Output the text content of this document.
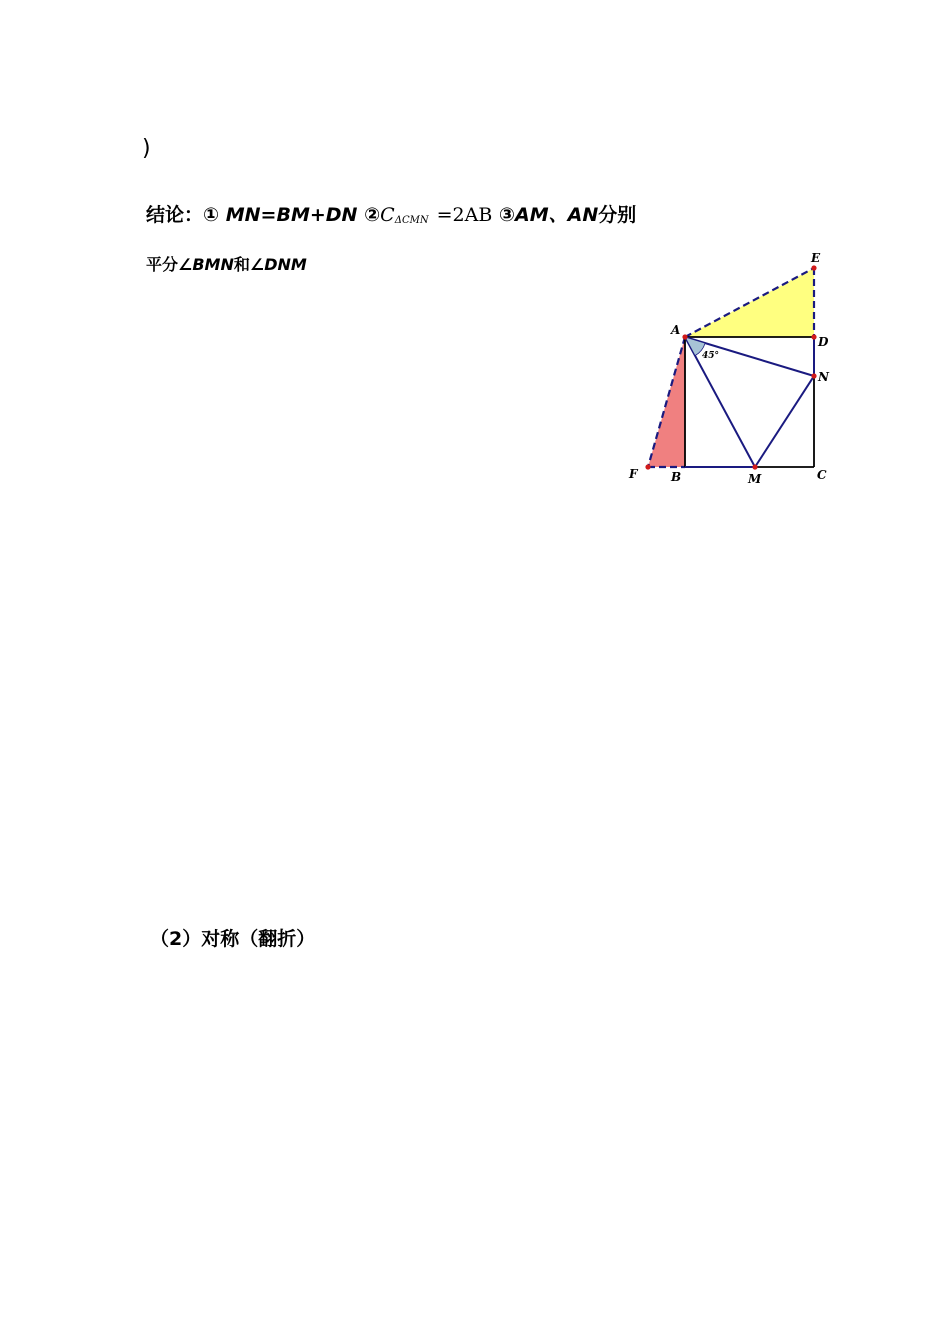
)
结论：① MN=BM+DN ②CΔCMN =2AB ③AM、AN分别
平分∠BMN和∠DNM
45°
A
D
E
N
M	C
B
F
（2）对称（翻折）
